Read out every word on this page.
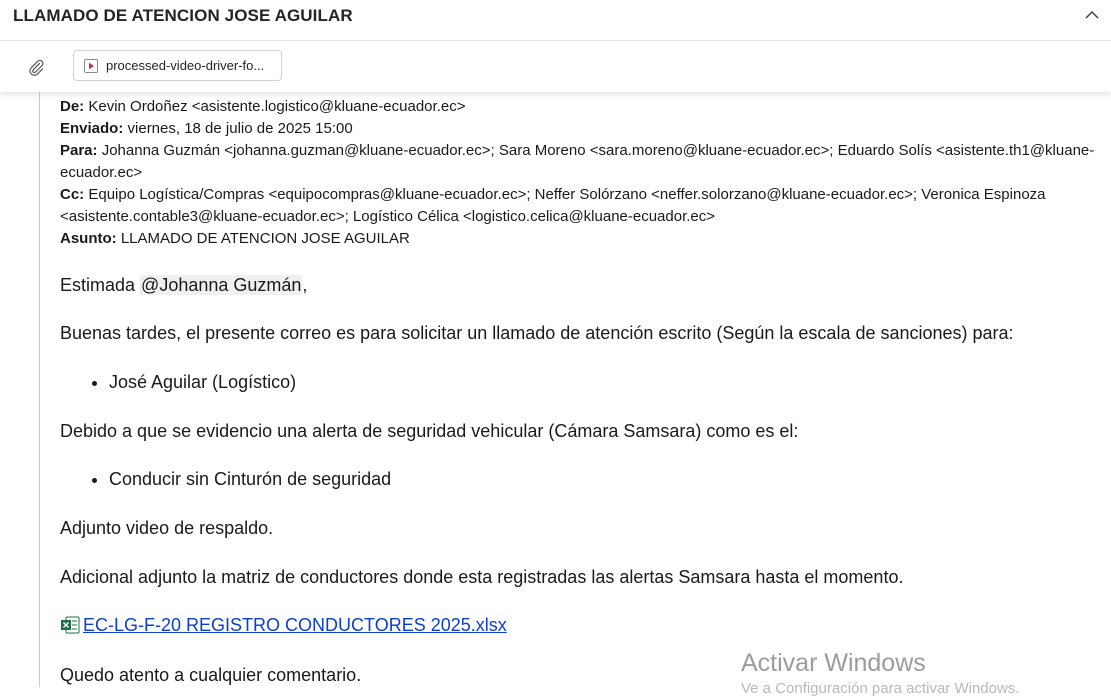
LLAMADO DE ATENCION JOSE AGUILAR
processed-video-driver-fo...

De: Kevin Ordoñez <asistente.logistico@kluane-ecuador.ec>

Enviado: viernes, 18 de julio de 2025 15:00

Para: Johanna Guzmán <johanna.guzman@kluane-ecuador.ec>; Sara Moreno <sara.moreno@kluane-ecuador.ec>; Eduardo Solís <asistente.th1@kluane-ecuador.ec>

Cc: Equipo Logística/Compras <equipocompras@kluane-ecuador.ec>; Neffer Solórzano <neffer.solorzano@kluane-ecuador.ec>; Veronica Espinoza <asistente.contable3@kluane-ecuador.ec>; Logístico Célica <logistico.celica@kluane-ecuador.ec>

Asunto: LLAMADO DE ATENCION JOSE AGUILAR

Estimada @Johanna Guzmán,

Buenas tardes, el presente correo es para solicitar un llamado de atención escrito (Según la escala de sanciones) para:

• José Aguilar (Logístico)

Debido a que se evidencio una alerta de seguridad vehicular (Cámara Samsara) como es el:

• Conducir sin Cinturón de seguridad

Adjunto video de respaldo.

Adicional adjunto la matriz de conductores donde esta registradas las alertas Samsara hasta el momento.

EC-LG-F-20 REGISTRO CONDUCTORES 2025.xlsx

Quedo atento a cualquier comentario.	Activar Windows
Ve a Configuración para activar Windows.
